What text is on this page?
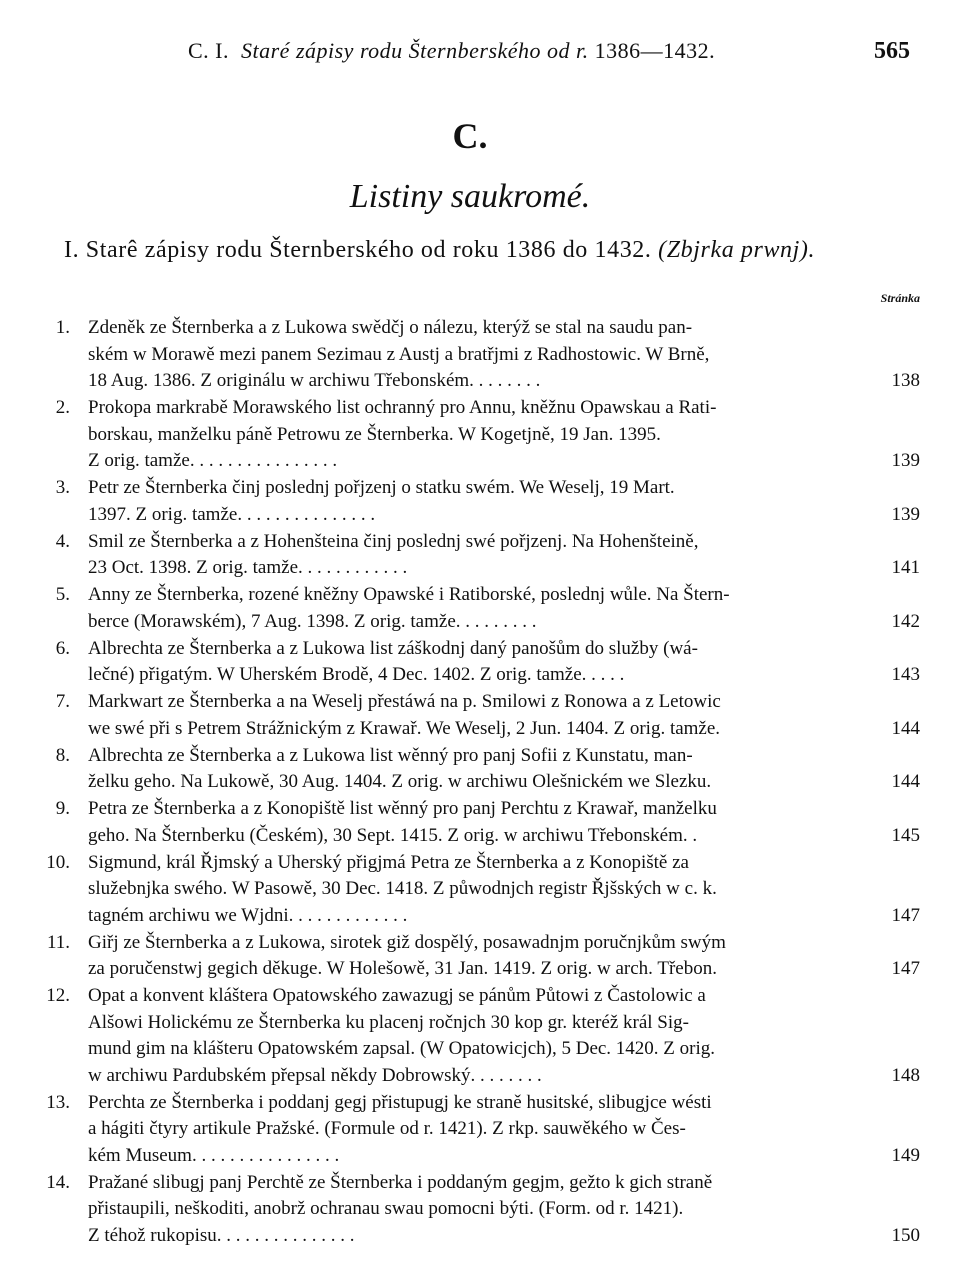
C. I. Staré zápisy rodu Šternberského od r. 1386—1432.	565
C.
Listiny saukromé.
I. Starê zápisy rodu Šternberského od roku 1386 do 1432. (Zbjrka prwnj).
Stránka
1. Zdeněk ze Šternberka a z Lukowa swědčj o nálezu, kterýž se stal na saudu pan-
ském w Morawě mezi panem Sezimau z Austj a bratřjmi z Radhostowic. W Brně,
18 Aug. 1386. Z originálu w archiwu Třebonském. . . . . . . .	138
2. Prokopa markrabě Morawského list ochranný pro Annu, kněžnu Opawskau a Rati-
borskau, manželku páně Petrowu ze Šternberka. W Kogetjně, 19 Jan. 1395.
Z orig. tamže. . . . . . . . . . . . . . . .	139
3. Petr ze Šternberka činj poslednj pořjzenj o statku swém. We Weselj, 19 Mart.
1397. Z orig. tamže. . . . . . . . . . . . . . .	139
4. Smil ze Šternberka a z Hohenšteina činj poslednj swé pořjzenj. Na Hohenšteině,
23 Oct. 1398. Z orig. tamže. . . . . . . . . . . .	141
5. Anny ze Šternberka, rozené kněžny Opawské i Ratiborské, poslednj wůle. Na Štern-
berce (Morawském), 7 Aug. 1398. Z orig. tamže. . . . . . . . .	142
6. Albrechta ze Šternberka a z Lukowa list záškodnj daný panošům do služby (wá-
lečné) přigatým. W Uherském Brodě, 4 Dec. 1402. Z orig. tamže. . . . .	143
7. Markwart ze Šternberka a na Weselj přestáwá na p. Smilowi z Ronowa a z Letowic
we swé při s Petrem Strážnickým z Krawař. We Weselj, 2 Jun. 1404. Z orig. tamže.	144
8. Albrechta ze Šternberka a z Lukowa list wěnný pro panj Sofii z Kunstatu, man-
želku geho. Na Lukowě, 30 Aug. 1404. Z orig. w archiwu Olešnickém we Slezku.	144
9. Petra ze Šternberka a z Konopiště list wěnný pro panj Perchtu z Krawař, manželku
geho. Na Šternberku (Českém), 30 Sept. 1415. Z orig. w archiwu Třebonském. .	145
10. Sigmund, král Řjmský a Uherský přigjmá Petra ze Šternberka a z Konopiště za
služebnjka swého. W Pasowě, 30 Dec. 1418. Z půwodnjch registr Řjšských w c. k.
tagném archiwu we Wjdni. . . . . . . . . . . . .	147
11. Giřj ze Šternberka a z Lukowa, sirotek giž dospělý, posawadnjm poručnjkům swým
za poručenstwj gegich děkuge. W Holešowě, 31 Jan. 1419. Z orig. w arch. Třebon.	147
12. Opat a konvent kláštera Opatowského zawazugj se pánům Půtowi z Častolowic a
Alšowi Holickému ze Šternberka ku placenj ročnjch 30 kop gr. kteréž král Sig-
mund gim na klášteru Opatowském zapsal. (W Opatowicjch), 5 Dec. 1420. Z orig.
w archiwu Pardubském přepsal někdy Dobrowský. . . . . . . .	148
13. Perchta ze Šternberka i poddanj gegj přistupugj ke straně husitské, slibugjce wésti
a hágiti čtyry artikule Pražské. (Formule od r. 1421). Z rkp. sauwěkého w Čes-
kém Museum. . . . . . . . . . . . . . . .	149
14. Pražané slibugj panj Perchtě ze Šternberka i poddaným gegjm, gežto k gich straně
přistaupili, neškoditi, anobrž ochranau swau pomocni býti. (Form. od r. 1421).
Z téhož rukopisu. . . . . . . . . . . . . . .	150
